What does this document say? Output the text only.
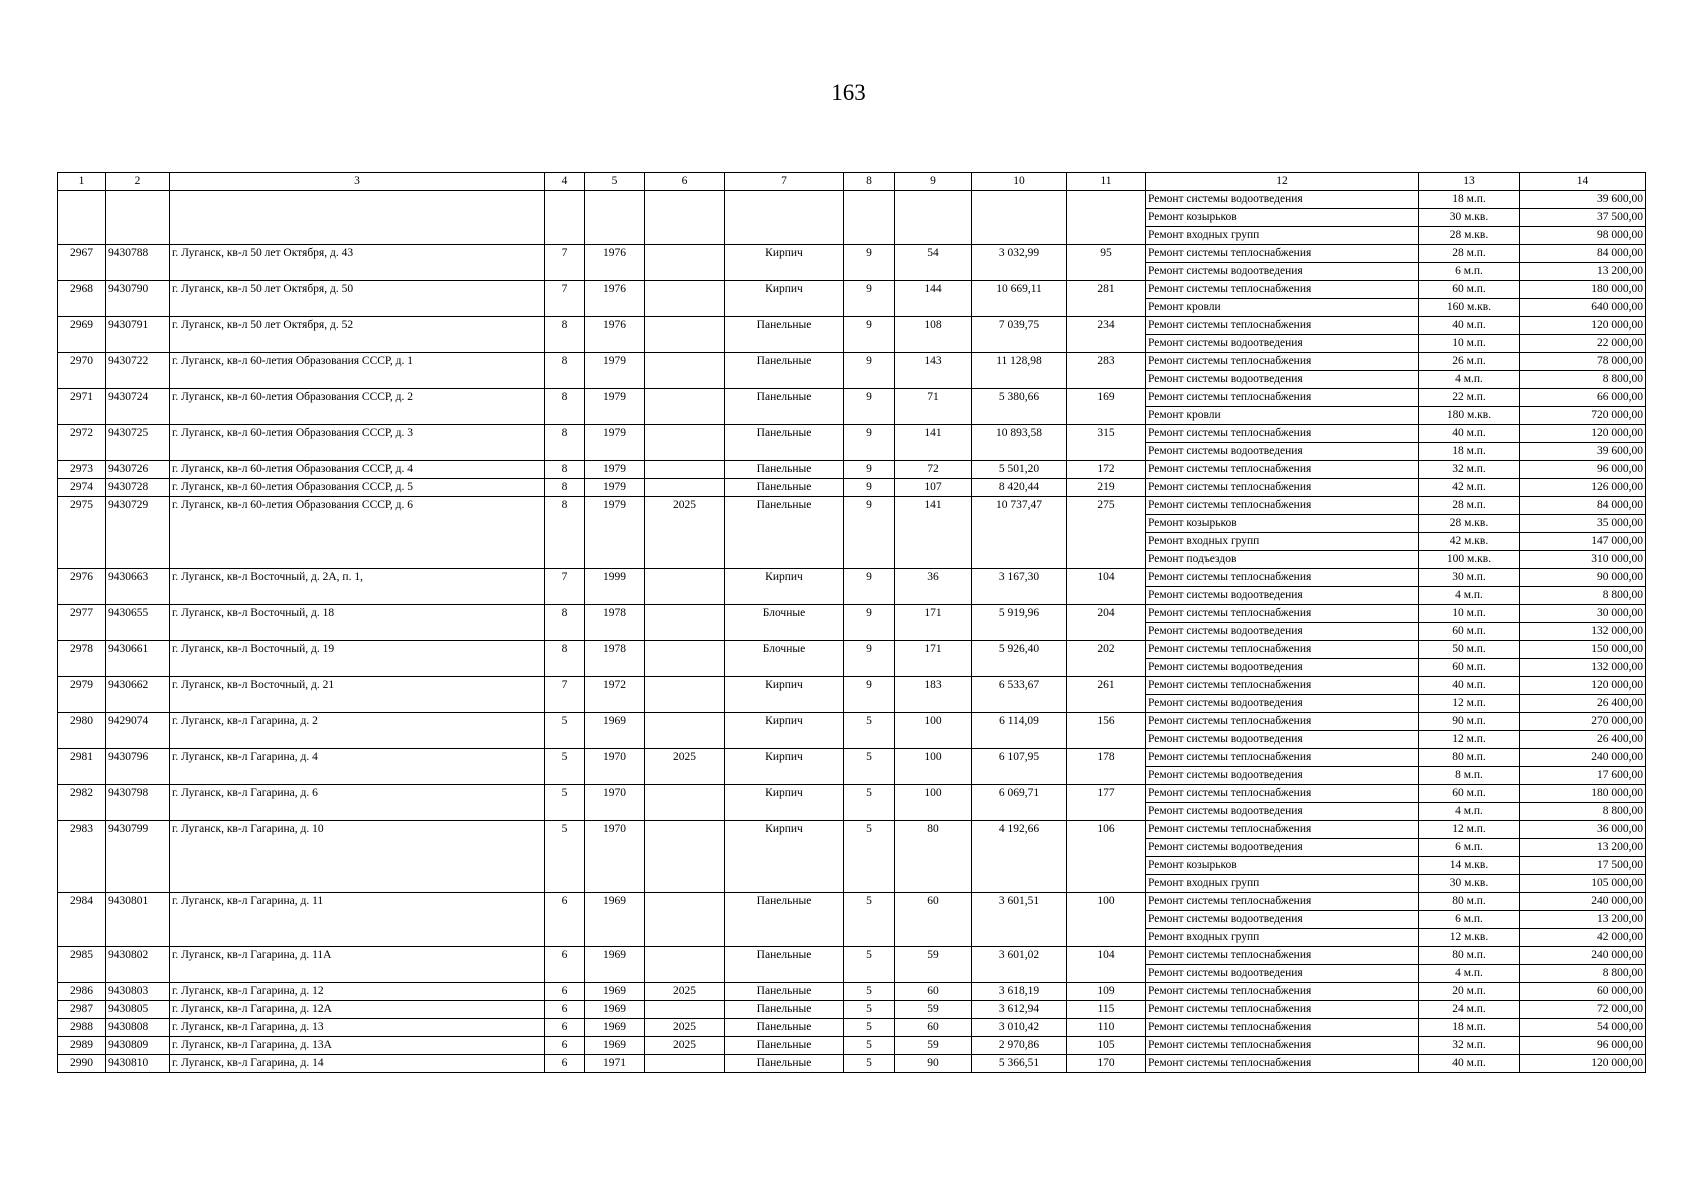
163
1	2	3	4	5	6	7	8	9	10	11	12	13	14
											Ремонт системы водоотведения	18 м.п.	39 600,00
											Ремонт козырьков	30 м.кв.	37 500,00
											Ремонт входных групп	28 м.кв.	98 000,00
2967	9430788	г. Луганск, кв-л 50 лет Октября, д. 43	7	1976		Кирпич	9	54	3 032,99	95	Ремонт системы теплоснабжения	28 м.п.	84 000,00
											Ремонт системы водоотведения	6 м.п.	13 200,00
2968	9430790	г. Луганск, кв-л 50 лет Октября, д. 50	7	1976		Кирпич	9	144	10 669,11	281	Ремонт системы теплоснабжения	60 м.п.	180 000,00
											Ремонт кровли	160 м.кв.	640 000,00
2969	9430791	г. Луганск, кв-л 50 лет Октября, д. 52	8	1976		Панельные	9	108	7 039,75	234	Ремонт системы теплоснабжения	40 м.п.	120 000,00
											Ремонт системы водоотведения	10 м.п.	22 000,00
2970	9430722	г. Луганск, кв-л 60-летия Образования СССР, д. 1	8	1979		Панельные	9	143	11 128,98	283	Ремонт системы теплоснабжения	26 м.п.	78 000,00
											Ремонт системы водоотведения	4 м.п.	8 800,00
2971	9430724	г. Луганск, кв-л 60-летия Образования СССР, д. 2	8	1979		Панельные	9	71	5 380,66	169	Ремонт системы теплоснабжения	22 м.п.	66 000,00
											Ремонт кровли	180 м.кв.	720 000,00
2972	9430725	г. Луганск, кв-л 60-летия Образования СССР, д. 3	8	1979		Панельные	9	141	10 893,58	315	Ремонт системы теплоснабжения	40 м.п.	120 000,00
											Ремонт системы водоотведения	18 м.п.	39 600,00
2973	9430726	г. Луганск, кв-л 60-летия Образования СССР, д. 4	8	1979		Панельные	9	72	5 501,20	172	Ремонт системы теплоснабжения	32 м.п.	96 000,00
2974	9430728	г. Луганск, кв-л 60-летия Образования СССР, д. 5	8	1979		Панельные	9	107	8 420,44	219	Ремонт системы теплоснабжения	42 м.п.	126 000,00
2975	9430729	г. Луганск, кв-л 60-летия Образования СССР, д. 6	8	1979	2025	Панельные	9	141	10 737,47	275	Ремонт системы теплоснабжения	28 м.п.	84 000,00
											Ремонт козырьков	28 м.кв.	35 000,00
											Ремонт входных групп	42 м.кв.	147 000,00
											Ремонт подъездов	100 м.кв.	310 000,00
2976	9430663	г. Луганск, кв-л Восточный, д. 2А, п. 1,	7	1999		Кирпич	9	36	3 167,30	104	Ремонт системы теплоснабжения	30 м.п.	90 000,00
											Ремонт системы водоотведения	4 м.п.	8 800,00
2977	9430655	г. Луганск, кв-л Восточный, д. 18	8	1978		Блочные	9	171	5 919,96	204	Ремонт системы теплоснабжения	10 м.п.	30 000,00
											Ремонт системы водоотведения	60 м.п.	132 000,00
2978	9430661	г. Луганск, кв-л Восточный, д. 19	8	1978		Блочные	9	171	5 926,40	202	Ремонт системы теплоснабжения	50 м.п.	150 000,00
											Ремонт системы водоотведения	60 м.п.	132 000,00
2979	9430662	г. Луганск, кв-л Восточный, д. 21	7	1972		Кирпич	9	183	6 533,67	261	Ремонт системы теплоснабжения	40 м.п.	120 000,00
											Ремонт системы водоотведения	12 м.п.	26 400,00
2980	9429074	г. Луганск, кв-л Гагарина, д. 2	5	1969		Кирпич	5	100	6 114,09	156	Ремонт системы теплоснабжения	90 м.п.	270 000,00
											Ремонт системы водоотведения	12 м.п.	26 400,00
2981	9430796	г. Луганск, кв-л Гагарина, д. 4	5	1970	2025	Кирпич	5	100	6 107,95	178	Ремонт системы теплоснабжения	80 м.п.	240 000,00
											Ремонт системы водоотведения	8 м.п.	17 600,00
2982	9430798	г. Луганск, кв-л Гагарина, д. 6	5	1970		Кирпич	5	100	6 069,71	177	Ремонт системы теплоснабжения	60 м.п.	180 000,00
											Ремонт системы водоотведения	4 м.п.	8 800,00
2983	9430799	г. Луганск, кв-л Гагарина, д. 10	5	1970		Кирпич	5	80	4 192,66	106	Ремонт системы теплоснабжения	12 м.п.	36 000,00
											Ремонт системы водоотведения	6 м.п.	13 200,00
											Ремонт козырьков	14 м.кв.	17 500,00
											Ремонт входных групп	30 м.кв.	105 000,00
2984	9430801	г. Луганск, кв-л Гагарина, д. 11	6	1969		Панельные	5	60	3 601,51	100	Ремонт системы теплоснабжения	80 м.п.	240 000,00
											Ремонт системы водоотведения	6 м.п.	13 200,00
											Ремонт входных групп	12 м.кв.	42 000,00
2985	9430802	г. Луганск, кв-л Гагарина, д. 11А	6	1969		Панельные	5	59	3 601,02	104	Ремонт системы теплоснабжения	80 м.п.	240 000,00
											Ремонт системы водоотведения	4 м.п.	8 800,00
2986	9430803	г. Луганск, кв-л Гагарина, д. 12	6	1969	2025	Панельные	5	60	3 618,19	109	Ремонт системы теплоснабжения	20 м.п.	60 000,00
2987	9430805	г. Луганск, кв-л Гагарина, д. 12А	6	1969		Панельные	5	59	3 612,94	115	Ремонт системы теплоснабжения	24 м.п.	72 000,00
2988	9430808	г. Луганск, кв-л Гагарина, д. 13	6	1969	2025	Панельные	5	60	3 010,42	110	Ремонт системы теплоснабжения	18 м.п.	54 000,00
2989	9430809	г. Луганск, кв-л Гагарина, д. 13А	6	1969	2025	Панельные	5	59	2 970,86	105	Ремонт системы теплоснабжения	32 м.п.	96 000,00
2990	9430810	г. Луганск, кв-л Гагарина, д. 14	6	1971		Панельные	5	90	5 366,51	170	Ремонт системы теплоснабжения	40 м.п.	120 000,00
